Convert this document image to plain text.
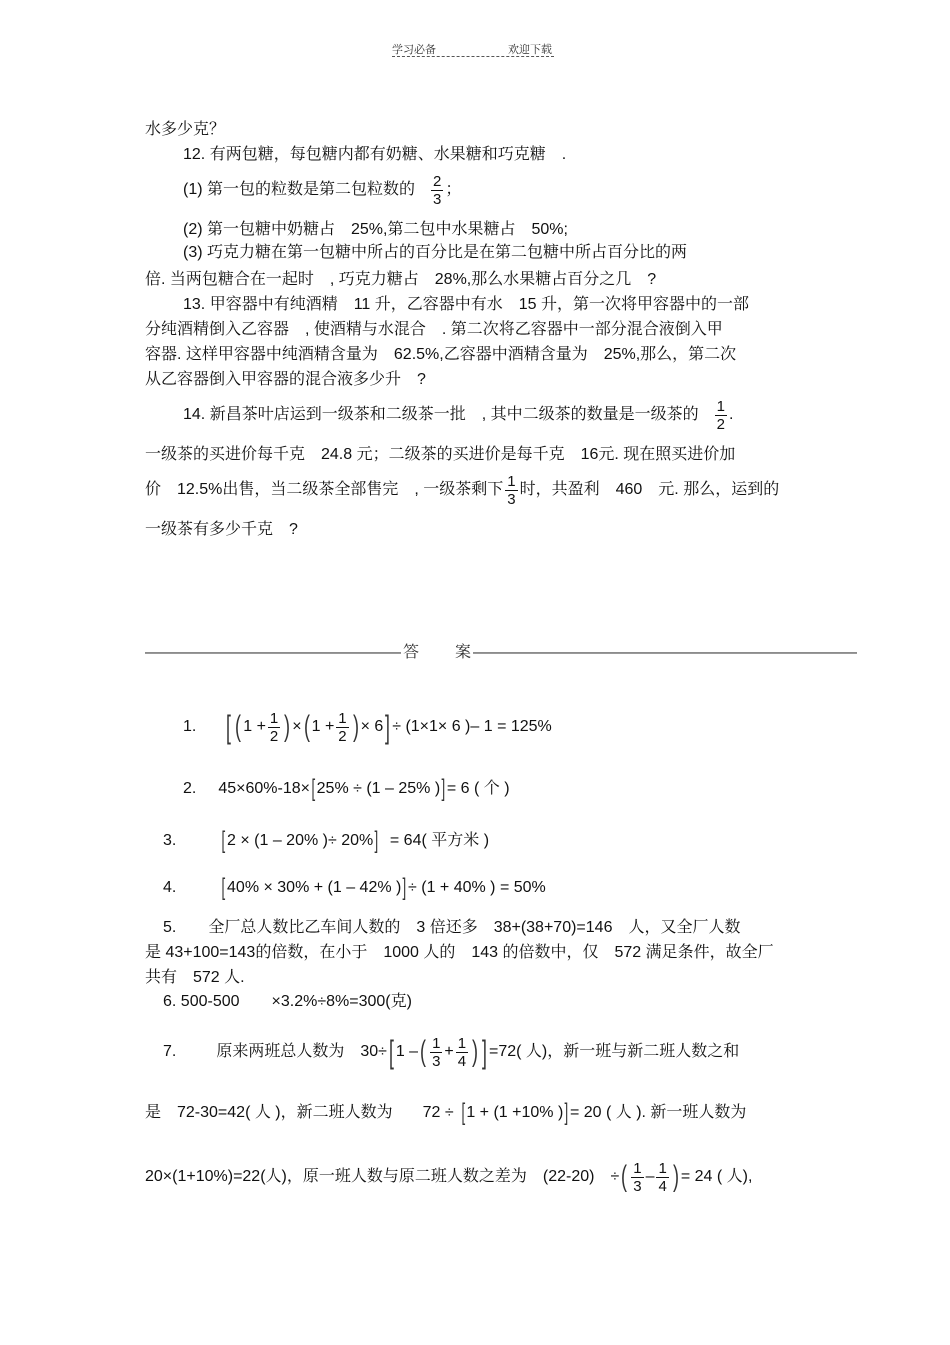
学习必备	欢迎下载
水多少克？
12. 有两包糖，每包糖内都有奶糖、水果糖和巧克糖　.
(1) 第一包的粒数是第二包粒数的 $\frac{2}{3}$ ；
(2) 第一包糖中奶糖占　25%,第二包中水果糖占　50%;
(3) 巧克力糖在第一包糖中所占的百分比是在第二包糖中所占百分比的两
倍. 当两包糖合在一起时　, 巧克力糖占　28%,那么水果糖占百分之几　?
13. 甲容器中有纯酒精　11 升，乙容器中有水　15 升，第一次将甲容器中的一部
分纯酒精倒入乙容器　, 使酒精与水混合　. 第二次将乙容器中一部分混合液倒入甲
容器. 这样甲容器中纯酒精含量为　62.5%,乙容器中酒精含量为　25%,那么，第二次
从乙容器倒入甲容器的混合液多少升　?
14. 新昌茶叶店运到一级茶和二级茶一批　, 其中二级茶的数量是一级茶的 $\frac{1}{2}$ .
一级茶的买进价每千克　24.8 元；二级茶的买进价是每千克　16元. 现在照买进价加
价　12.5%出售，当二级茶全部售完　, 一级茶剩下 $\frac{1}{3}$ 时，共盈利　460　元. 那么，运到的
一级茶有多少千克　?
———————————————— 答 案 ————————————————————————
1. [ ( $1 + \frac{1}{2}$ ) × ( $1 + \frac{1}{2}$ ) × 6 ] ÷ (1×1× 6 )– 1 = 125%
2. 45×60%-18× [ 25% ÷ (1 – 25% ) ] = 6 ( 个 )
3. [ 2 × (1 – 20% )÷ 20% ] = 64( 平方米 )
4. [ 40% × 30% + (1 – 42% ) ] ÷ (1 + 40% ) = 50%
5.　　全厂总人数比乙车间人数的　3 倍还多　38+(38+70)=146　人，又全厂人数
是 43+100=143的倍数，在小于　1000 人的　143 的倍数中，仅　572 满足条件，故全厂
共有　572 人.
6. 500-500　　×3.2%÷8%=300(克)
7.	原来两班总人数为　30÷ [ 1 – ( $\frac{1}{3} + \frac{1}{4}$ ) ] =72( 人)，新一班与新二班人数之和
是　72-30=42( 人 )，新二班人数为 72 ÷ [ 1 + (1 +10% ) ] = 20 ( 人 ). 新一班人数为
20×(1+10%)=22(人)，原一班人数与原二班人数之差为　(22-20)　÷ ( $\frac{1}{3} - \frac{1}{4}$ ) = 24 ( 人),
